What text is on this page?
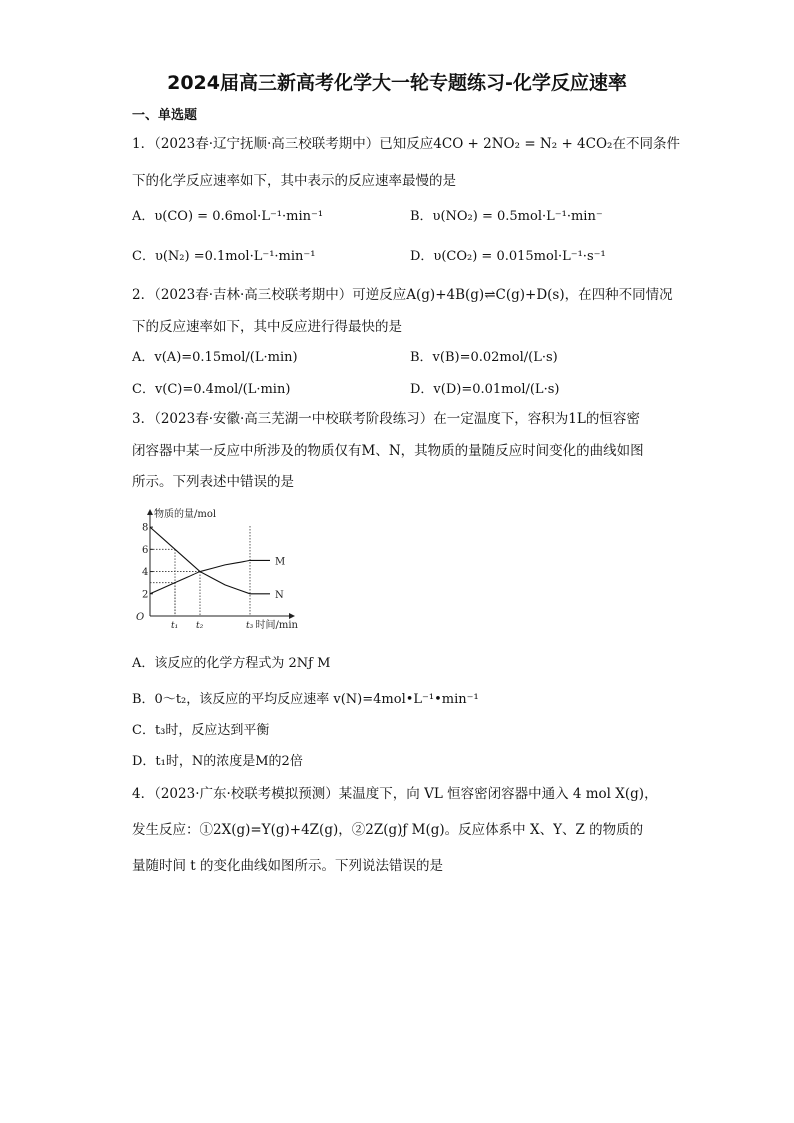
2024届高三新高考化学大一轮专题练习-化学反应速率
一、单选题
1．（2023春·辽宁抚顺·高三校联考期中）已知反应4CO + 2NO₂ = N₂ + 4CO₂在不同条件
下的化学反应速率如下，其中表示的反应速率最慢的是
A．υ(CO) = 0.6mol·L⁻¹·min⁻¹	B．υ(NO₂) = 0.5mol·L⁻¹·min⁻
C．υ(N₂) =0.1mol·L⁻¹·min⁻¹	D．υ(CO₂) = 0.015mol·L⁻¹·s⁻¹
2．（2023春·吉林·高三校联考期中）可逆反应A(g)+4B(g)⇌C(g)+D(s)，在四种不同情况
下的反应速率如下，其中反应进行得最快的是
A．v(A)=0.15mol/(L·min)	B．v(B)=0.02mol/(L·s)
C．v(C)=0.4mol/(L·min)	D．v(D)=0.01mol/(L·s)
3．（2023春·安徽·高三芜湖一中校联考阶段练习）在一定温度下，容积为1L的恒容密
闭容器中某一反应中所涉及的物质仅有M、N，其物质的量随反应时间变化的曲线如图
所示。下列表述中错误的是
物质的量/mol
时间/min
O
2
4
6
8
t₁ t₂	t₃
M
N
A．该反应的化学方程式为 2Nƒ M
B．0～t₂，该反应的平均反应速率 v(N)=4mol•L⁻¹•min⁻¹
C．t₃时，反应达到平衡
D．t₁时，N的浓度是M的2倍
4．（2023·广东·校联考模拟预测）某温度下，向 VL 恒容密闭容器中通入 4 mol X(g)，
发生反应：①2X(g)=Y(g)+4Z(g)，②2Z(g)ƒ M(g)。反应体系中 X、Y、Z 的物质的
量随时间 t 的变化曲线如图所示。下列说法错误的是
